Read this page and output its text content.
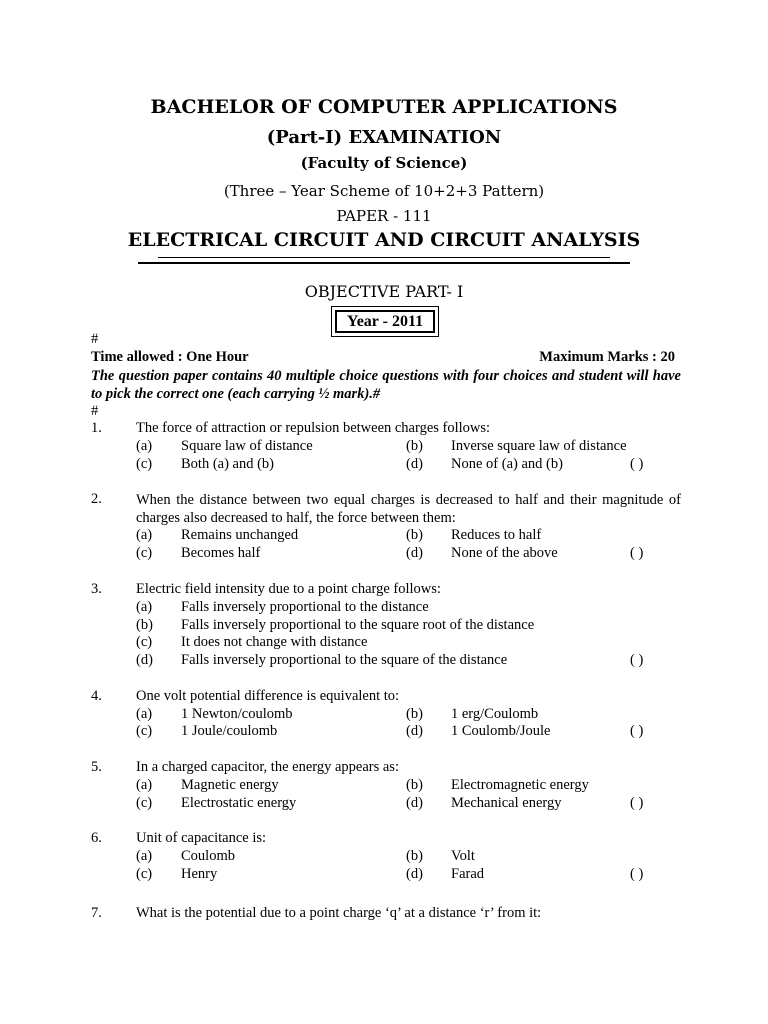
BACHELOR OF COMPUTER APPLICATIONS
(Part-I) EXAMINATION
(Faculty of Science)
(Three – Year Scheme of 10+2+3 Pattern)
PAPER - 111
ELECTRICAL CIRCUIT AND CIRCUIT ANALYSIS
OBJECTIVE PART- I
Year - 2011
#
Time allowed : One Hour	Maximum Marks : 20
The question paper contains 40 multiple choice questions with four choices and student will have to pick the correct one (each carrying ½ mark).#
#
1. The force of attraction or repulsion between charges follows:
(a) Square law of distance	(b) Inverse square law of distance
(c) Both (a) and (b)	(d) None of (a) and (b)	( )
2. When the distance between two equal charges is decreased to half and their magnitude of charges also decreased to half, the force between them:
(a) Remains unchanged	(b) Reduces to half
(c) Becomes half	(d) None of the above	( )
3. Electric field intensity due to a point charge follows:
(a) Falls inversely proportional to the distance
(b) Falls inversely proportional to the square root of the distance
(c) It does not change with distance
(d) Falls inversely proportional to the square of the distance	( )
4. One volt potential difference is equivalent to:
(a) 1 Newton/coulomb	(b) 1 erg/Coulomb
(c) 1 Joule/coulomb	(d) 1 Coulomb/Joule	( )
5. In a charged capacitor, the energy appears as:
(a) Magnetic energy	(b) Electromagnetic energy
(c) Electrostatic energy	(d) Mechanical energy	( )
6. Unit of capacitance is:
(a) Coulomb	(b) Volt
(c) Henry	(d) Farad	( )
7. What is the potential due to a point charge ‘q’ at a distance ‘r’ from it:
